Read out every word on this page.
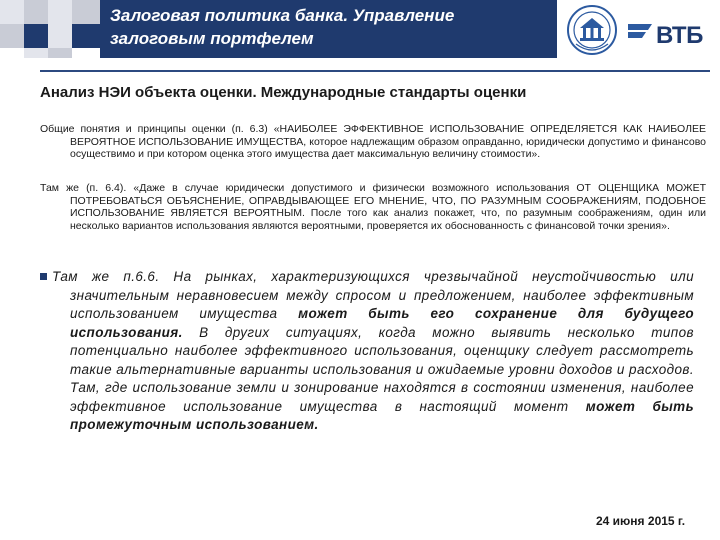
Залоговая политика банка. Управление
залоговым портфелем	ВТБ
Анализ НЭИ объекта оценки. Международные стандарты оценки

Общие понятия и принципы оценки (п. 6.3) «НАИБОЛЕЕ ЭФФЕКТИВНОЕ ИСПОЛЬЗОВАНИЕ ОПРЕДЕЛЯЕТСЯ КАК НАИБОЛЕЕ ВЕРОЯТНОЕ ИСПОЛЬЗОВАНИЕ ИМУЩЕСТВА, которое надлежащим образом оправданно, юридически допустимо и финансово осуществимо и при котором оценка этого имущества дает максимальную величину стоимости».

Там же (п. 6.4). «Даже в случае юридически допустимого и физически возможного использования ОТ ОЦЕНЩИКА МОЖЕТ ПОТРЕБОВАТЬСЯ ОБЪЯСНЕНИЕ, ОПРАВДЫВАЮЩЕЕ ЕГО МНЕНИЕ, ЧТО, ПО РАЗУМНЫМ СООБРАЖЕНИЯМ, ПОДОБНОЕ ИСПОЛЬЗОВАНИЕ ЯВЛЯЕТСЯ ВЕРОЯТНЫМ. После того как анализ покажет, что, по разумным соображениям, один или несколько вариантов использования являются вероятными, проверяется их обоснованность с финансовой точки зрения».

Там же п.6.6. На рынках, характеризующихся чрезвычайной неустойчивостью или значительным неравновесием между спросом и предложением, наиболее эффективным использованием имущества может быть его сохранение для будущего использования. В других ситуациях, когда можно выявить несколько типов потенциально наиболее эффективного использования, оценщику следует рассмотреть такие альтернативные варианты использования и ожидаемые уровни доходов и расходов. Там, где использование земли и зонирование находятся в состоянии изменения, наиболее эффективное использование имущества в настоящий момент может быть промежуточным использованием.

24 июня 2015 г.
